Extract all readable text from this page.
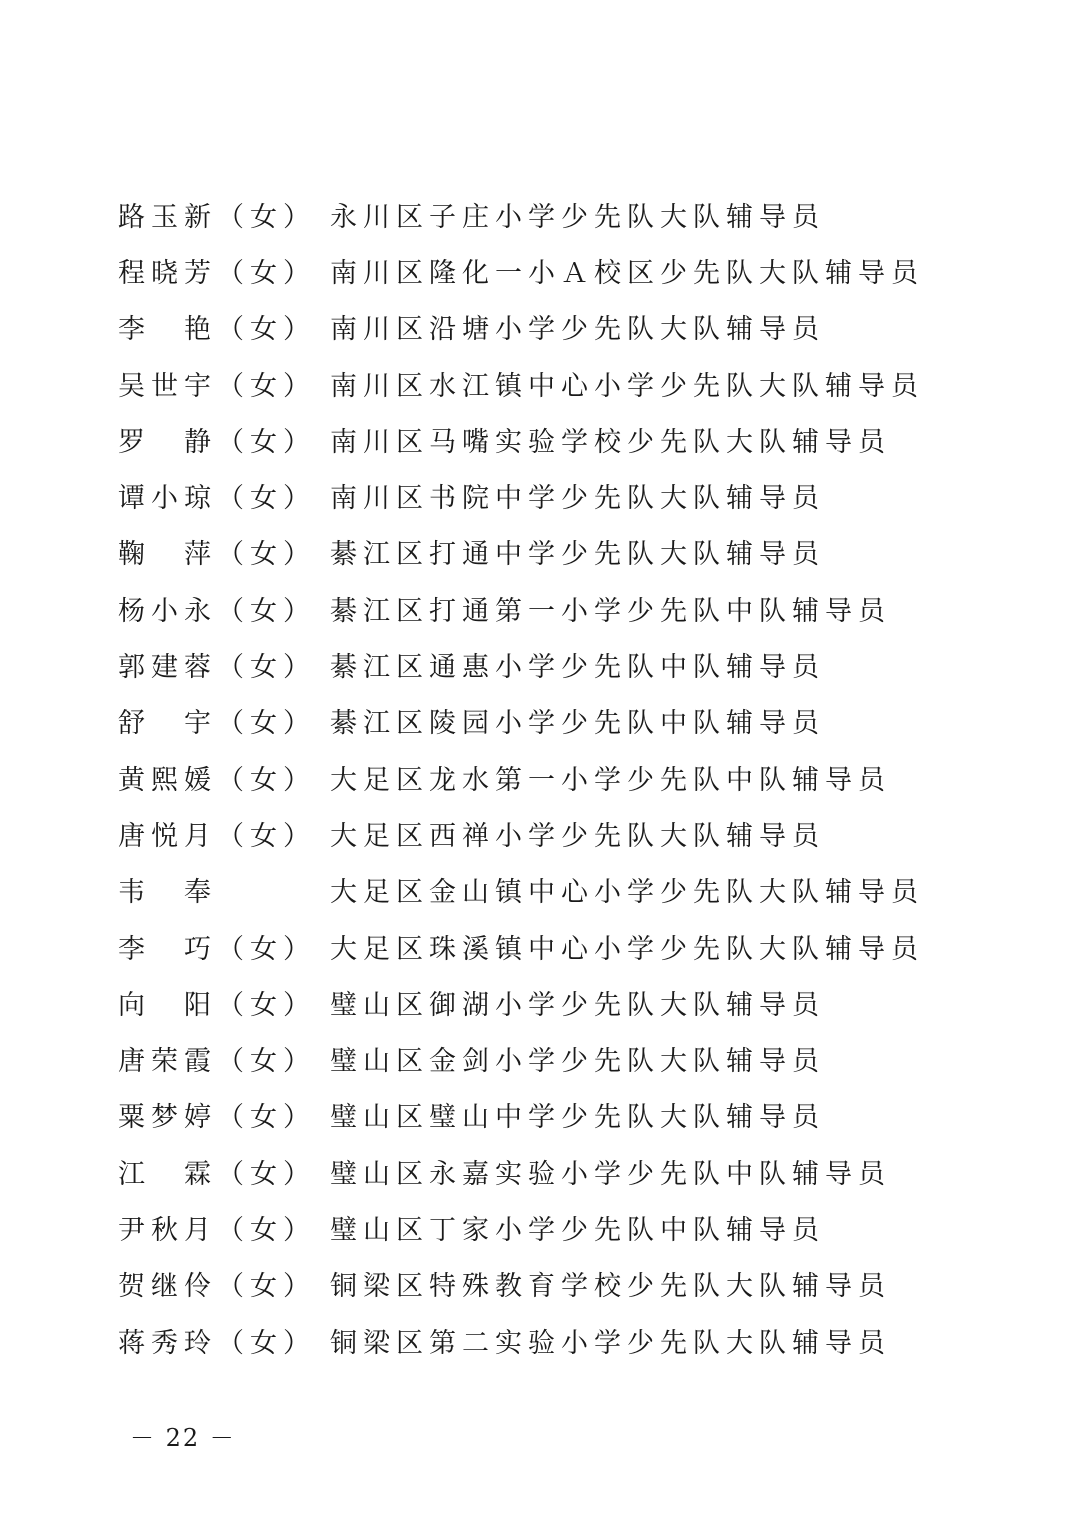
路玉新（女） 永川区子庄小学少先队大队辅导员
程晓芳（女） 南川区隆化一小Ａ校区少先队大队辅导员
李　艳（女） 南川区沿塘小学少先队大队辅导员
吴世宇（女） 南川区水江镇中心小学少先队大队辅导员
罗　静（女） 南川区马嘴实验学校少先队大队辅导员
谭小琼（女） 南川区书院中学少先队大队辅导员
鞠　萍（女） 綦江区打通中学少先队大队辅导员
杨小永（女） 綦江区打通第一小学少先队中队辅导员
郭建蓉（女） 綦江区通惠小学少先队中队辅导员
舒　宇（女） 綦江区陵园小学少先队中队辅导员
黄熙媛（女） 大足区龙水第一小学少先队中队辅导员
唐悦月（女） 大足区西禅小学少先队大队辅导员
韦　奉	大足区金山镇中心小学少先队大队辅导员
李　巧（女） 大足区珠溪镇中心小学少先队大队辅导员
向　阳（女） 璧山区御湖小学少先队大队辅导员
唐荣霞（女） 璧山区金剑小学少先队大队辅导员
粟梦婷（女） 璧山区璧山中学少先队大队辅导员
江　霖（女） 璧山区永嘉实验小学少先队中队辅导员
尹秋月（女） 璧山区丁家小学少先队中队辅导员
贺继伶（女） 铜梁区特殊教育学校少先队大队辅导员
蒋秀玲（女） 铜梁区第二实验小学少先队大队辅导员
－ 22 －
